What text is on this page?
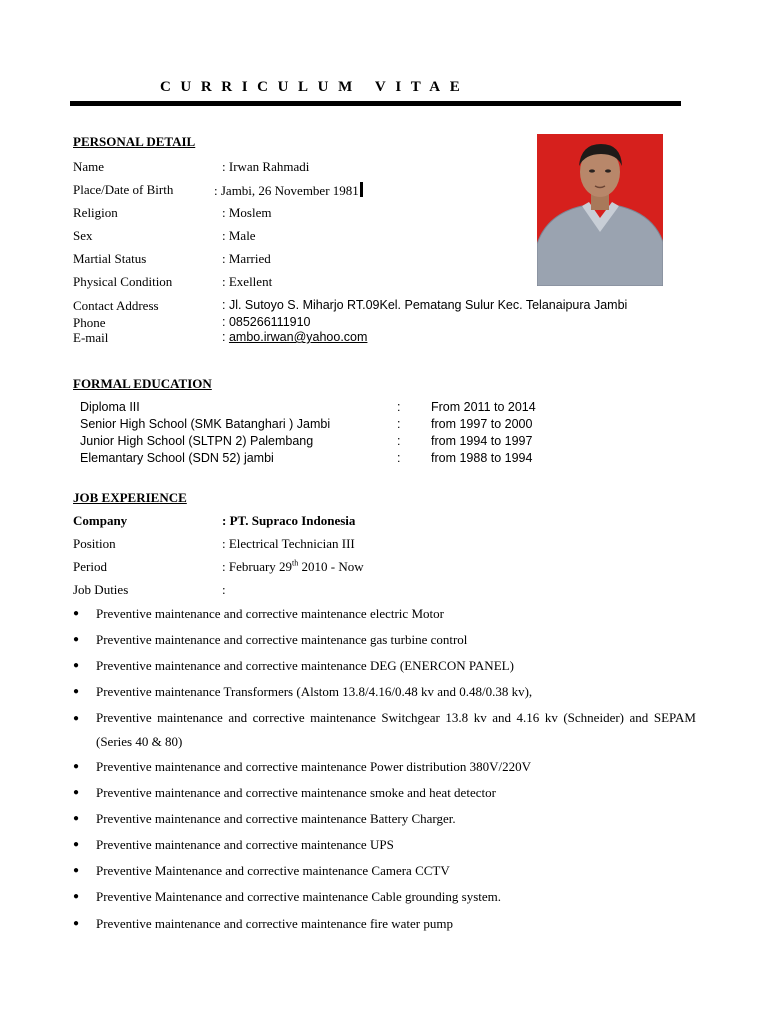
CURRICULUM VITAE
PERSONAL DETAIL
Name	: Irwan Rahmadi
Place/Date of Birth	: Jambi, 26 November 1981
Religion	: Moslem
Sex	: Male
Martial Status	: Married
Physical Condition	: Exellent
Contact Address	: Jl. Sutoyo S. Miharjo RT.09Kel. Pematang Sulur Kec. Telanaipura Jambi
Phone	: 085266111910
E-mail	: ambo.irwan@yahoo.com
FORMAL EDUCATION
Diploma III	: From 2011 to 2014
Senior High School (SMK Batanghari ) Jambi	: from 1997 to 2000
Junior High School (SLTPN 2) Palembang	: from 1994 to 1997
Elemantary School (SDN 52) jambi	: from 1988 to 1994
JOB EXPERIENCE
Company	: PT. Supraco Indonesia
Position	: Electrical Technician III
Period	: February 29th 2010 - Now
Job Duties	:
● Preventive maintenance and corrective maintenance electric Motor
● Preventive maintenance and corrective maintenance gas turbine control
● Preventive maintenance and corrective maintenance DEG (ENERCON PANEL)
● Preventive maintenance Transformers (Alstom 13.8/4.16/0.48 kv and 0.48/0.38 kv),
● Preventive maintenance and corrective maintenance Switchgear 13.8 kv and 4.16 kv (Schneider) and SEPAM (Series 40 & 80)
● Preventive maintenance and corrective maintenance Power distribution 380V/220V
● Preventive maintenance and corrective maintenance smoke and heat detector
● Preventive maintenance and corrective maintenance Battery Charger.
● Preventive maintenance and corrective maintenance UPS
● Preventive Maintenance and corrective maintenance Camera CCTV
● Preventive Maintenance and corrective maintenance Cable grounding system.
● Preventive maintenance and corrective maintenance fire water pump
